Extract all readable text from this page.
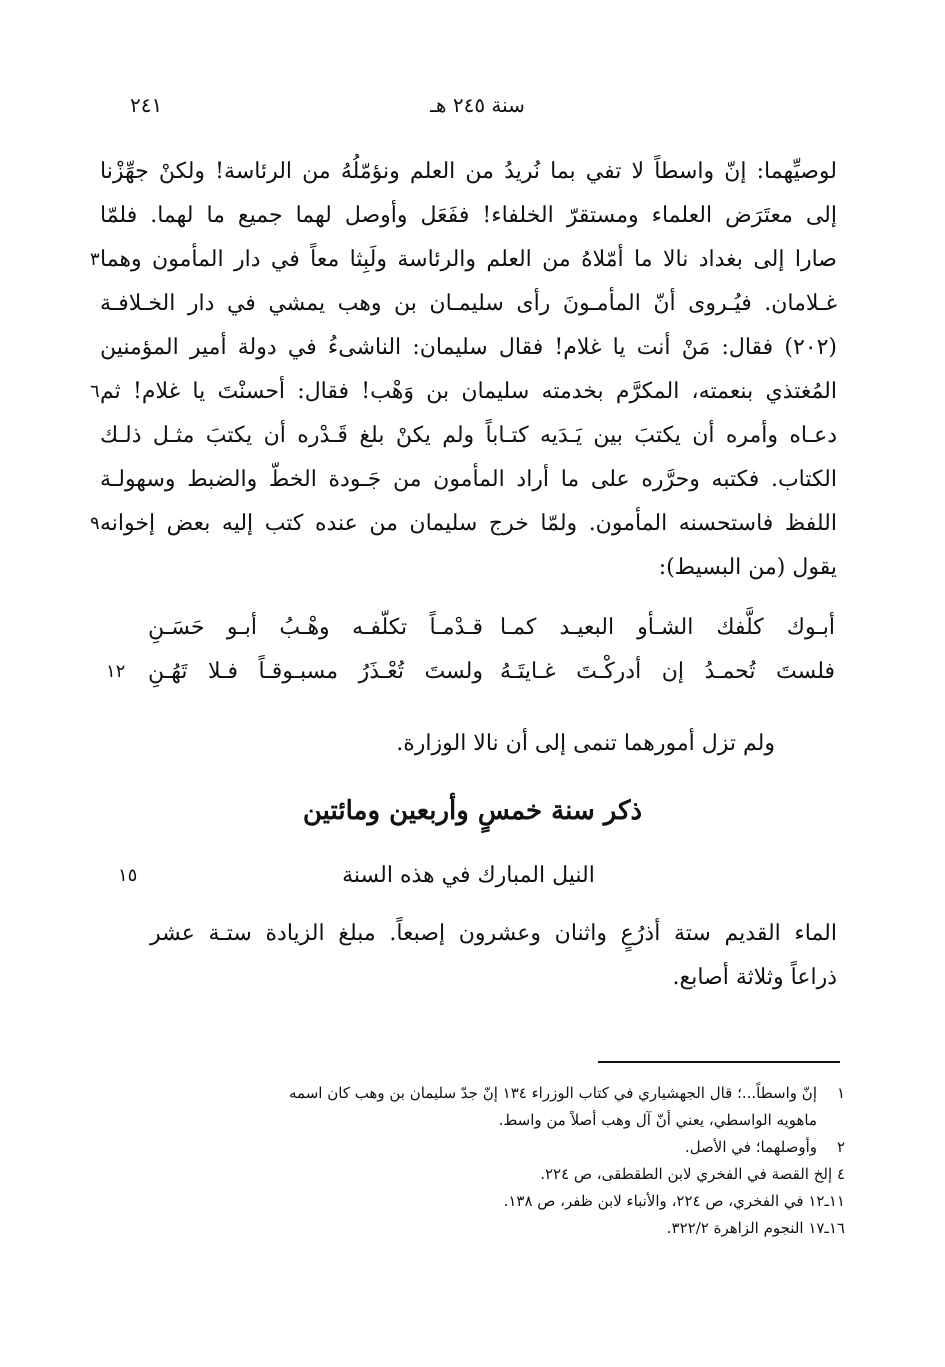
سنة ٢٤٥ هـ
٢٤١
لوصيِّهما: إنّ واسطاً لا تفي بما نُريدُ من العلم ونؤمّلُهُ من الرئاسة! ولكنْ جهِّزْنا
إلى معتَرَض العلماء ومستقرّ الخلفاء! ففَعَل وأوصل لهما جميع ما لهما. فلمّا
صارا إلى بغداد نالا ما أمّلاهُ من العلم والرئاسة ولَبِثا معاً في دار المأمون وهما
٣
غـلامان. فيُـروى أنّ المأمـونَ رأى سليمـان بن وهب يمشي في دار الخـلافـة
(٢٠٢) فقال: مَنْ أنت يا غلام! فقال سليمان: الناشىءُ في دولة أمير المؤمنين
المُغتذي بنعمته، المكرَّم بخدمته سليمان بن وَهْب! فقال: أحسنْتَ يا غلام! ثم
٦
دعـاه وأمره أن يكتبَ بين يَـدَيه كتـاباً ولم يكنْ بلغ قَـدْره أن يكتبَ مثـل ذلـك
الكتاب. فكتبه وحرَّره على ما أراد المأمون من جَـودة الخطّ والضبط وسهولـة
اللفظ فاستحسنه المأمون. ولمّا خرج سليمان من عنده كتب إليه بعض إخوانه
٩
يقول (من البسيط):
أبـوك كلَّفك الشـأو البعيـد كمـا
قـدْمـاً تكلّفـه وهْـبُ أبـو حَسَـنِ
فلستَ تُحمـدُ إن أدركْـتَ غـايتَـهُ
ولستَ تُعْـذَرُ مسبـوقـاً فـلا تَهُـنِ
١٢
ولم تزل أمورهما تنمى إلى أن نالا الوزارة.
ذكر سنة خمسٍ وأربعين ومائتين
النيل المبارك في هذه السنة
١٥
الماء القديم ستة أذرُعٍ واثنان وعشرون إصبعاً. مبلغ الزيادة ستـة عشر
ذراعاً وثلاثة أصابع.
١إنّ واسطاً...؛ قال الجهشياري في كتاب الوزراء ١٣٤ إنّ جدّ سليمان بن وهب كان اسمه
ماهويه الواسطي، يعني أنّ آل وهب أصلاً من واسط.
٢وأوصلهما؛ في الأصل.
٤ إلخ القصة في الفخري لابن الطقطقى، ص ٢٢٤.
١١ـ١٢ في الفخري، ص ٢٢٤، والأنباء لابن ظفر، ص ١٣٨.
١٦ـ١٧ النجوم الزاهرة ٣٢٢/٢.
